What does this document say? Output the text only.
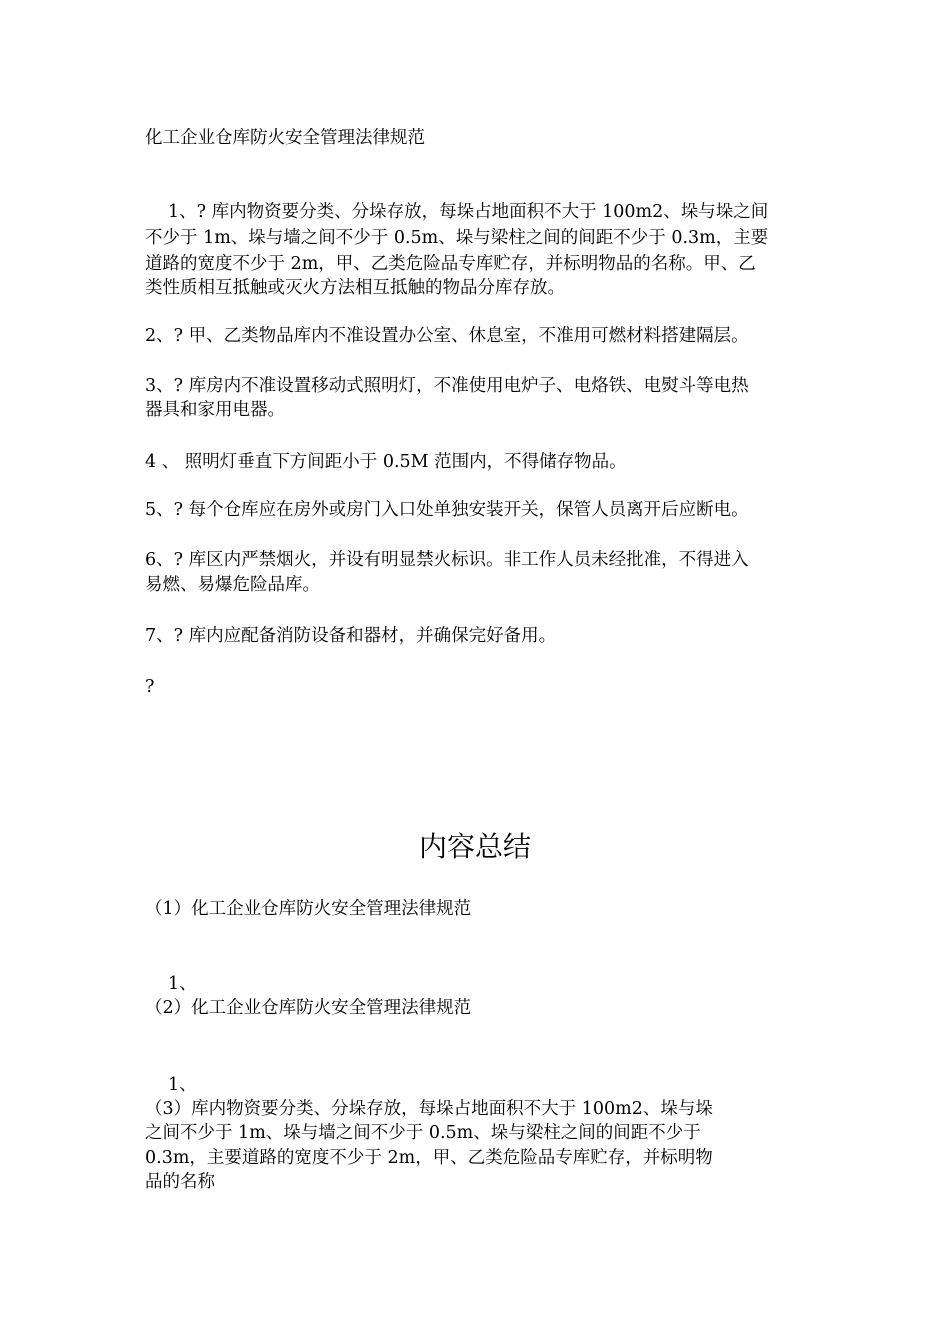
化工企业仓库防火安全管理法律规范

1、? 库内物资要分类、分垛存放，每垛占地面积不大于 100m2、垛与垛之间

不少于 1m、垛与墙之间不少于 0.5m、垛与梁柱之间的间距不少于 0.3m，主要

道路的宽度不少于 2m，甲、乙类危险品专库贮存，并标明物品的名称。甲、乙

类性质相互抵触或灭火方法相互抵触的物品分库存放。

2、? 甲、乙类物品库内不准设置办公室、休息室，不准用可燃材料搭建隔层。

3、? 库房内不准设置移动式照明灯，不准使用电炉子、电烙铁、电熨斗等电热

器具和家用电器。

4 、 照明灯垂直下方间距小于 0.5M 范围内，不得储存物品。

5、? 每个仓库应在房外或房门入口处单独安装开关，保管人员离开后应断电。

6、? 库区内严禁烟火，并设有明显禁火标识。非工作人员未经批准，不得进入

易燃、易爆危险品库。

7、? 库内应配备消防设备和器材，并确保完好备用。

?

内容总结

（1）化工企业仓库防火安全管理法律规范

1、

（2）化工企业仓库防火安全管理法律规范

1、

（3）库内物资要分类、分垛存放，每垛占地面积不大于 100m2、垛与垛

之间不少于 1m、垛与墙之间不少于 0.5m、垛与梁柱之间的间距不少于

0.3m，主要道路的宽度不少于 2m，甲、乙类危险品专库贮存，并标明物

品的名称
